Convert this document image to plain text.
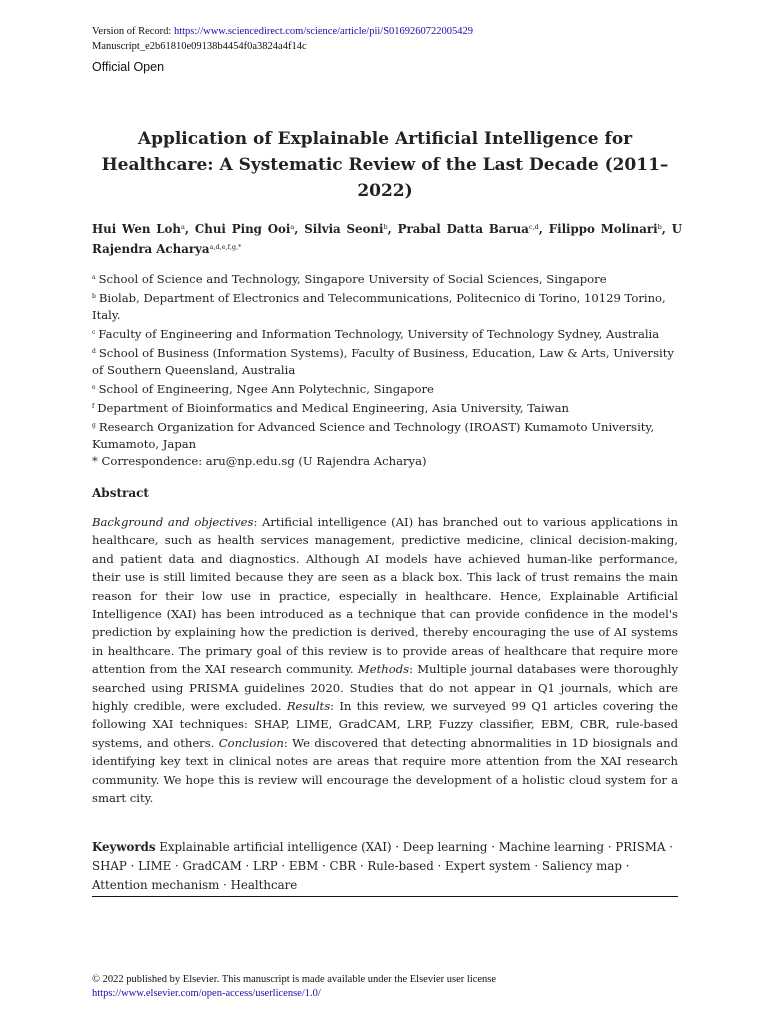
Version of Record: https://www.sciencedirect.com/science/article/pii/S0169260722005429
Manuscript_e2b61810e09138b4454f0a3824a4f14c
Official Open
Application of Explainable Artificial Intelligence for Healthcare: A Systematic Review of the Last Decade (2011–2022)
Hui Wen Loh$^a$, Chui Ping Ooi$^a$, Silvia Seoni$^b$, Prabal Datta Barua$^{c,d}$, Filippo Molinari$^b$, U Rajendra Acharya$^{a,d,e,f,g,*}$

$^a$ School of Science and Technology, Singapore University of Social Sciences, Singapore

$^b$ Biolab, Department of Electronics and Telecommunications, Politecnico di Torino, 10129 Torino, Italy.

$^c$ Faculty of Engineering and Information Technology, University of Technology Sydney, Australia

$^d$ School of Business (Information Systems), Faculty of Business, Education, Law & Arts, University of Southern Queensland, Australia

$^e$ School of Engineering, Ngee Ann Polytechnic, Singapore

$^f$ Department of Bioinformatics and Medical Engineering, Asia University, Taiwan

$^g$ Research Organization for Advanced Science and Technology (IROAST) Kumamoto University, Kumamoto, Japan

* Correspondence: aru@np.edu.sg (U Rajendra Acharya)

Abstract

Background and objectives: Artificial intelligence (AI) has branched out to various applications in healthcare, such as health services management, predictive medicine, clinical decision-making, and patient data and diagnostics. Although AI models have achieved human-like performance, their use is still limited because they are seen as a black box. This lack of trust remains the main reason for their low use in practice, especially in healthcare. Hence, Explainable Artificial Intelligence (XAI) has been introduced as a technique that can provide confidence in the model's prediction by explaining how the prediction is derived, thereby encouraging the use of AI systems in healthcare. The primary goal of this review is to provide areas of healthcare that require more attention from the XAI research community. Methods: Multiple journal databases were thoroughly searched using PRISMA guidelines 2020. Studies that do not appear in Q1 journals, which are highly credible, were excluded. Results: In this review, we surveyed 99 Q1 articles covering the following XAI techniques: SHAP, LIME, GradCAM, LRP, Fuzzy classifier, EBM, CBR, rule-based systems, and others. Conclusion: We discovered that detecting abnormalities in 1D biosignals and identifying key text in clinical notes are areas that require more attention from the XAI research community. We hope this is review will encourage the development of a holistic cloud system for a smart city.

Keywords Explainable artificial intelligence (XAI) · Deep learning · Machine learning · PRISMA · SHAP · LIME · GradCAM · LRP · EBM · CBR · Rule-based · Expert system · Saliency map · Attention mechanism · Healthcare
© 2022 published by Elsevier. This manuscript is made available under the Elsevier user license
https://www.elsevier.com/open-access/userlicense/1.0/
